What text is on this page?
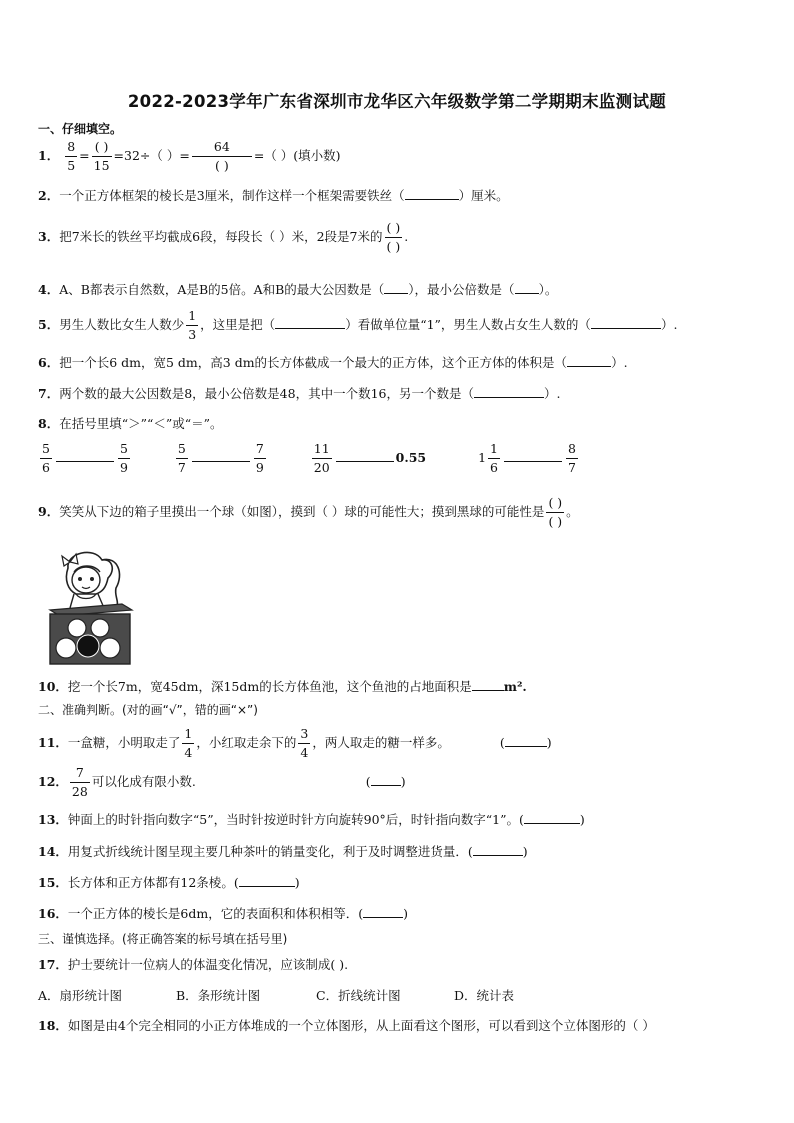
2022-2023学年广东省深圳市龙华区六年级数学第二学期期末监测试题
一、仔细填空。
1． $\frac{8}{5} = \frac{( )}{15} =32\div$（ ）= $\frac{64}{( )}$ =（ ）(填小数)
2．一个正方体框架的棱长是3厘米，制作这样一个框架需要铁丝（	）厘米。
3．把7米长的铁丝平均截成6段，每段长（ ）米，2段是7米的 $\frac{( )}{( )}$ .
4．A、B都表示自然数，A是B的5倍。A和B的最大公因数是（ ），最小公倍数是（ ）。
5．男生人数比女生人数少 $\frac{1}{3}$ ，这里是把（	）看做单位量“1”，男生人数占女生人数的（	）.
6．把一个长6 dm，宽5 dm，高3 dm的长方体截成一个最大的正方体，这个正方体的体积是（	）.
7．两个数的最大公因数是8，最小公倍数是48，其中一个数16，另一个数是（	）.
8．在括号里填“＞”“＜”或“＝”。
$\frac{5}{6}$	$\frac{5}{9}$
	$\frac{5}{7}$	$\frac{7}{9}$
	$\frac{11}{20}$	0.55	$1 \frac{1}{6}$	$\frac{8}{7}$
9．笑笑从下边的箱子里摸出一个球（如图），摸到（ ）球的可能性大；摸到黑球的可能性是 $\frac{( )}{( )}$ 。
10．挖一个长7m，宽45dm，深15dm的长方体鱼池，这个鱼池的占地面积是	m².
二、准确判断。(对的画“√”，错的画“×”)
11．一盒糖，小明取走了 $\frac{1}{4}$ ，小红取走余下的 $\frac{3}{4}$ ，两人取走的糖一样多。	(	)
12． $\frac{7}{28}$ 可以化成有限小数.	( )
13．钟面上的时针指向数字“5”，当时针按逆时针方向旋转90°后，时针指向数字“1”。(	)
14．用复式折线统计图呈现主要几种茶叶的销量变化，利于及时调整进货量．(	)
15．长方体和正方体都有12条棱。(	)
16．一个正方体的棱长是6dm，它的表面积和体积相等．(	)
三、谨慎选择。(将正确答案的标号填在括号里)
17．护士要统计一位病人的体温变化情况，应该制成( ).
A．扇形统计图	B．条形统计图	C．折线统计图	D．统计表
18．如图是由4个完全相同的小正方体堆成的一个立体图形，从上面看这个图形，可以看到这个立体图形的（ ）
